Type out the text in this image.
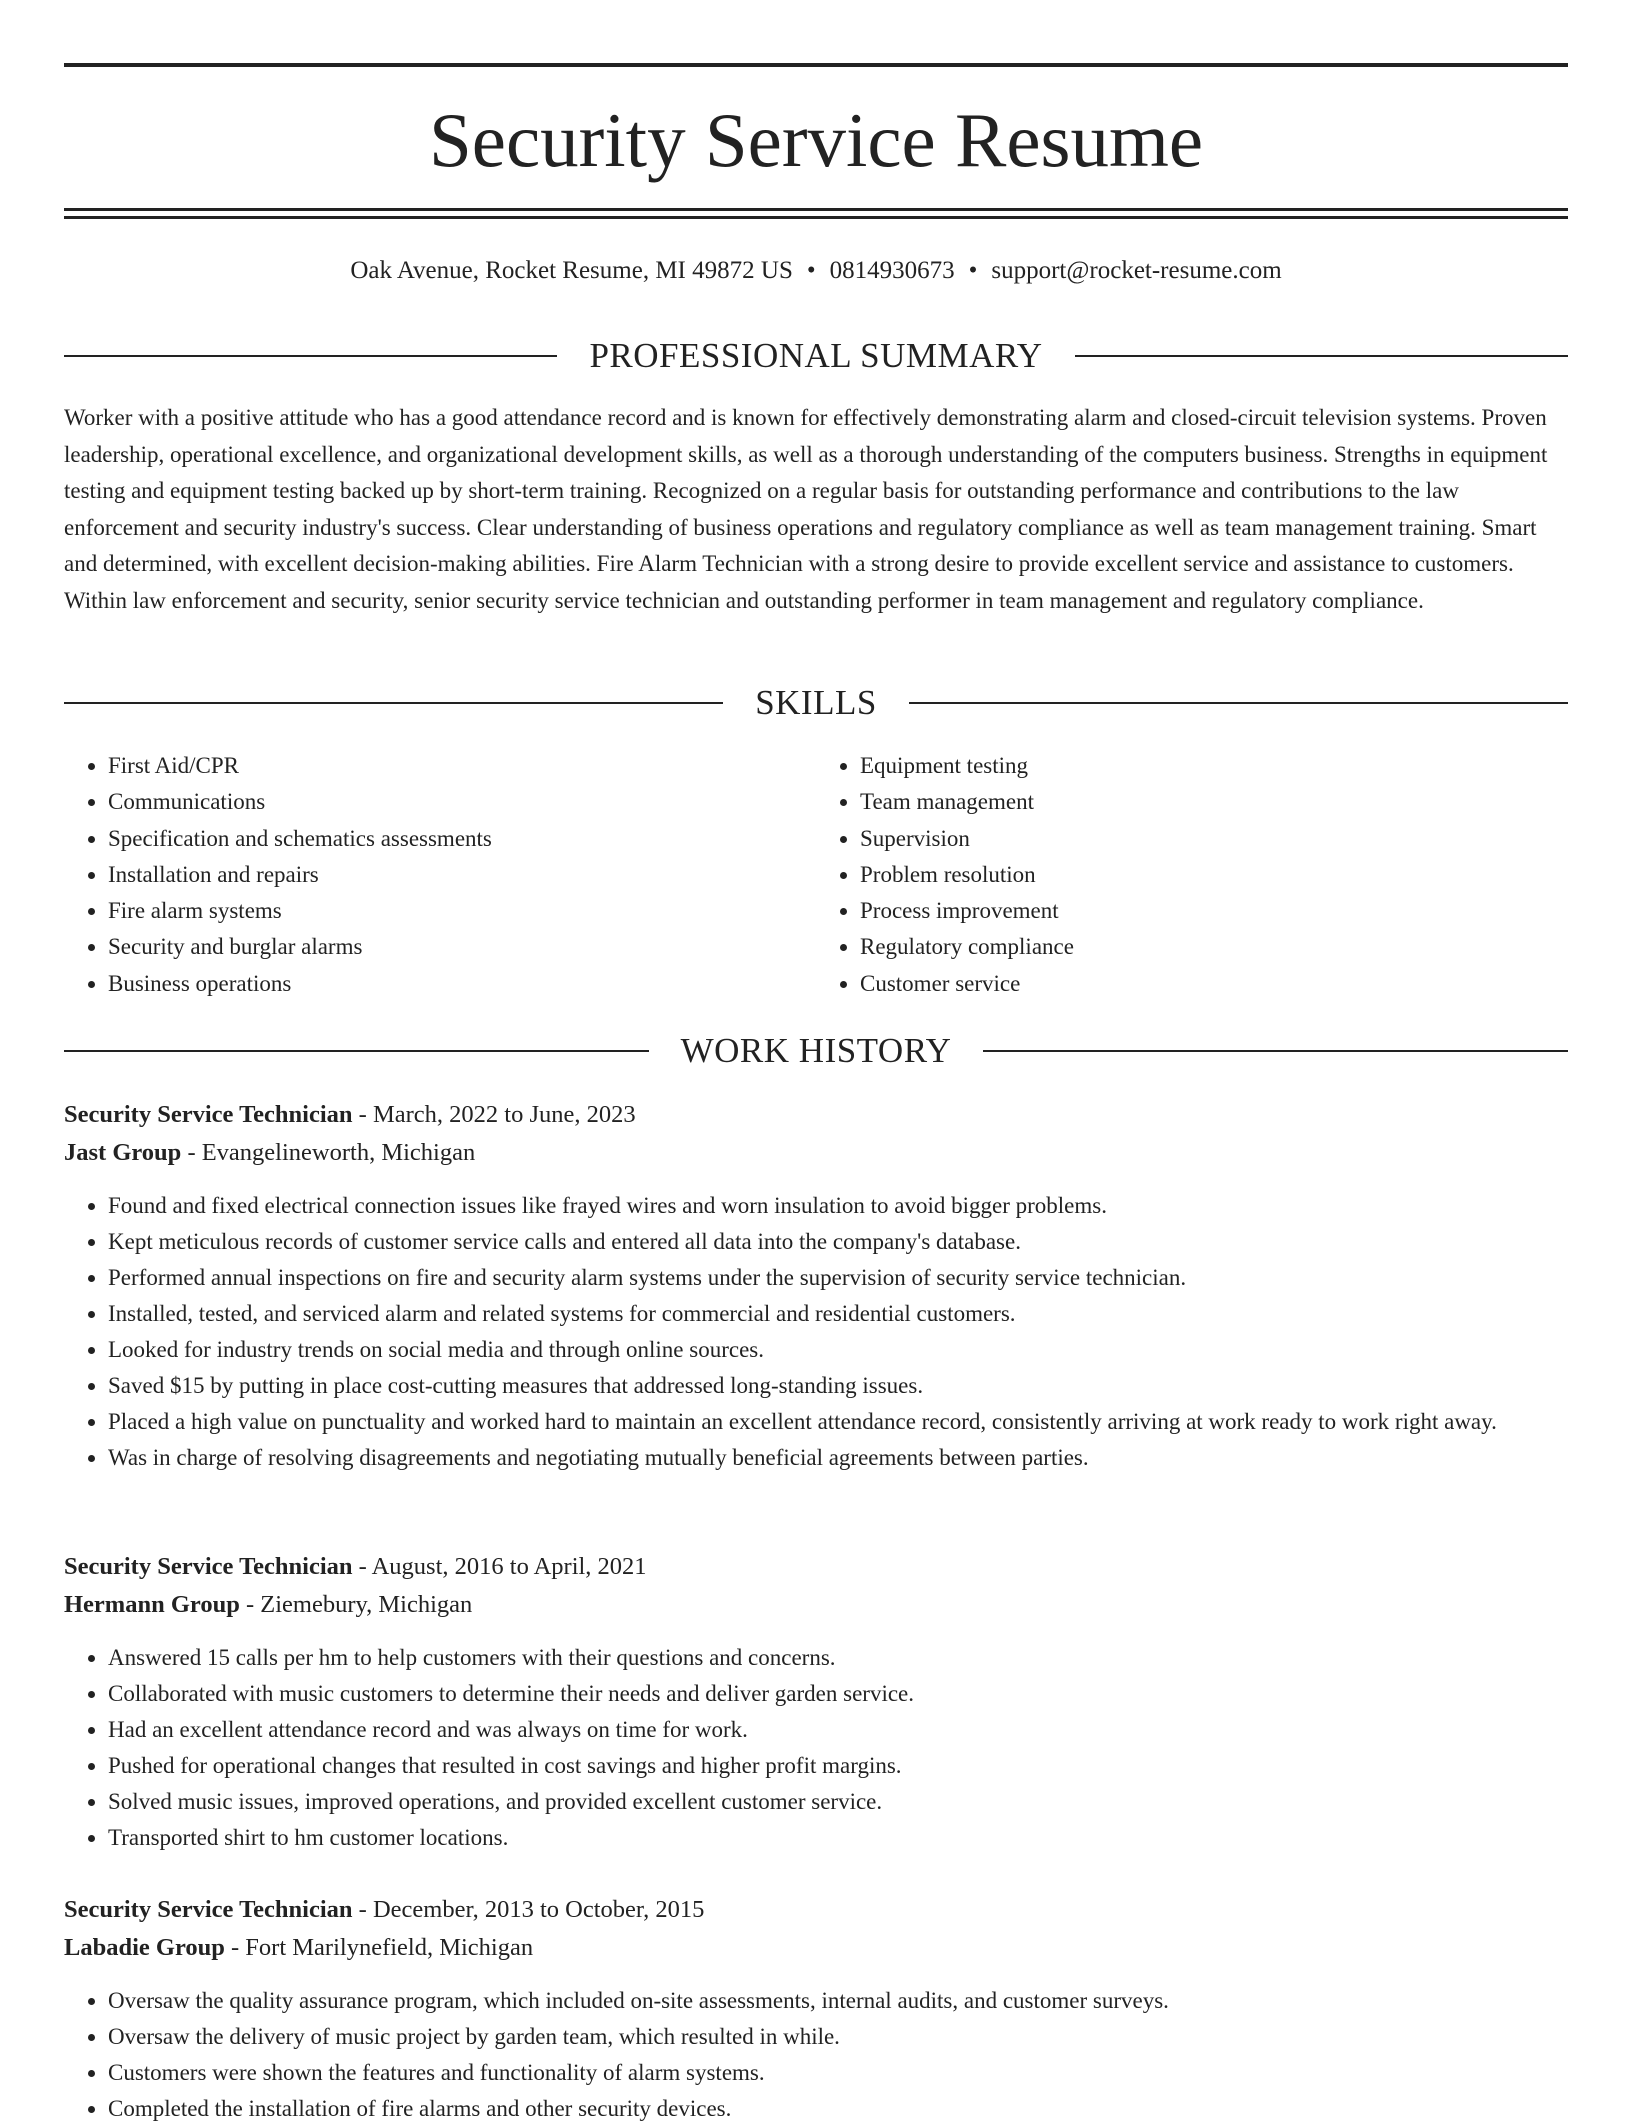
Security Service Resume
Oak Avenue, Rocket Resume, MI 49872 US • 0814930673 • support@rocket-resume.com
PROFESSIONAL SUMMARY

Worker with a positive attitude who has a good attendance record and is known for effectively demonstrating alarm and closed-circuit television systems. Proven leadership, operational excellence, and organizational development skills, as well as a thorough understanding of the computers business. Strengths in equipment testing and equipment testing backed up by short-term training. Recognized on a regular basis for outstanding performance and contributions to the law enforcement and security industry's success. Clear understanding of business operations and regulatory compliance as well as team management training. Smart and determined, with excellent decision-making abilities. Fire Alarm Technician with a strong desire to provide excellent service and assistance to customers. Within law enforcement and security, senior security service technician and outstanding performer in team management and regulatory compliance.

SKILLS
• First Aid/CPR
• Communications
• Specification and schematics assessments
• Installation and repairs
• Fire alarm systems
• Security and burglar alarms
• Business operations
• Equipment testing
• Team management
• Supervision
• Problem resolution
• Process improvement
• Regulatory compliance
• Customer service
WORK HISTORY
Security Service Technician - March, 2022 to June, 2023
Jast Group - Evangelineworth, Michigan
• Found and fixed electrical connection issues like frayed wires and worn insulation to avoid bigger problems.
• Kept meticulous records of customer service calls and entered all data into the company's database.
• Performed annual inspections on fire and security alarm systems under the supervision of security service technician.
• Installed, tested, and serviced alarm and related systems for commercial and residential customers.
• Looked for industry trends on social media and through online sources.
• Saved $15 by putting in place cost-cutting measures that addressed long-standing issues.
• Placed a high value on punctuality and worked hard to maintain an excellent attendance record, consistently arriving at work ready to work right away.
• Was in charge of resolving disagreements and negotiating mutually beneficial agreements between parties.
Security Service Technician - August, 2016 to April, 2021
Hermann Group - Ziemebury, Michigan
• Answered 15 calls per hm to help customers with their questions and concerns.
• Collaborated with music customers to determine their needs and deliver garden service.
• Had an excellent attendance record and was always on time for work.
• Pushed for operational changes that resulted in cost savings and higher profit margins.
• Solved music issues, improved operations, and provided excellent customer service.
• Transported shirt to hm customer locations.
Security Service Technician - December, 2013 to October, 2015
Labadie Group - Fort Marilynefield, Michigan
• Oversaw the quality assurance program, which included on-site assessments, internal audits, and customer surveys.
• Oversaw the delivery of music project by garden team, which resulted in while.
• Customers were shown the features and functionality of alarm systems.
• Completed the installation of fire alarms and other security devices.
